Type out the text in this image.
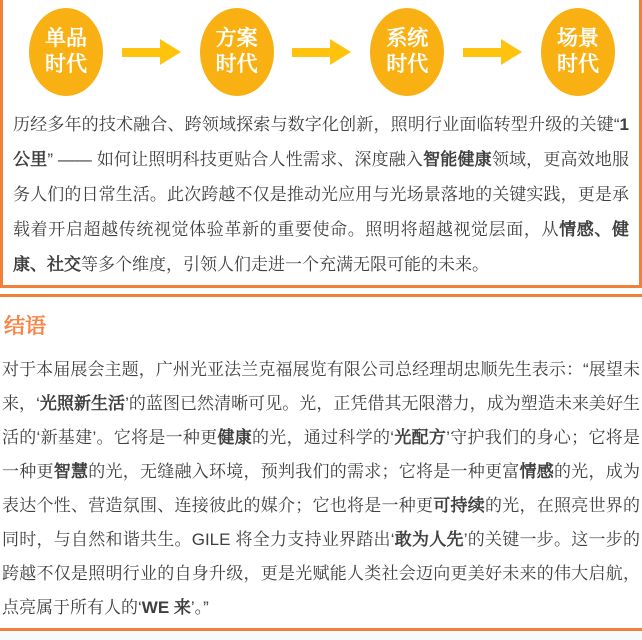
单品
时代
方案
时代
系统
时代
场景
时代

历经多年的技术融合、跨领域探索与数字化创新，照明行业面临转型升级的关键“1公里” —— 如何让照明科技更贴合人性需求、深度融入智能健康领域，更高效地服务人们的日常生活。此次跨越不仅是推动光应用与光场景落地的关键实践，更是承载着开启超越传统视觉体验革新的重要使命。照明将超越视觉层面，从情感、健康、社交等多个维度，引领人们走进一个充满无限可能的未来。

结语

对于本届展会主题，广州光亚法兰克福展览有限公司总经理胡忠顺先生表示：“展望未来，‘光照新生活’的蓝图已然清晰可见。光，正凭借其无限潜力，成为塑造未来美好生活的‘新基建’。它将是一种更健康的光，通过科学的‘光配方’守护我们的身心；它将是一种更智慧的光，无缝融入环境，预判我们的需求；它将是一种更富情感的光，成为表达个性、营造氛围、连接彼此的媒介；它也将是一种更可持续的光，在照亮世界的同时，与自然和谐共生。GILE 将全力支持业界踏出‘敢为人先’的关键一步。这一步的跨越不仅是照明行业的自身升级，更是光赋能人类社会迈向更美好未来的伟大启航，点亮属于所有人的‘WE 来’。”
